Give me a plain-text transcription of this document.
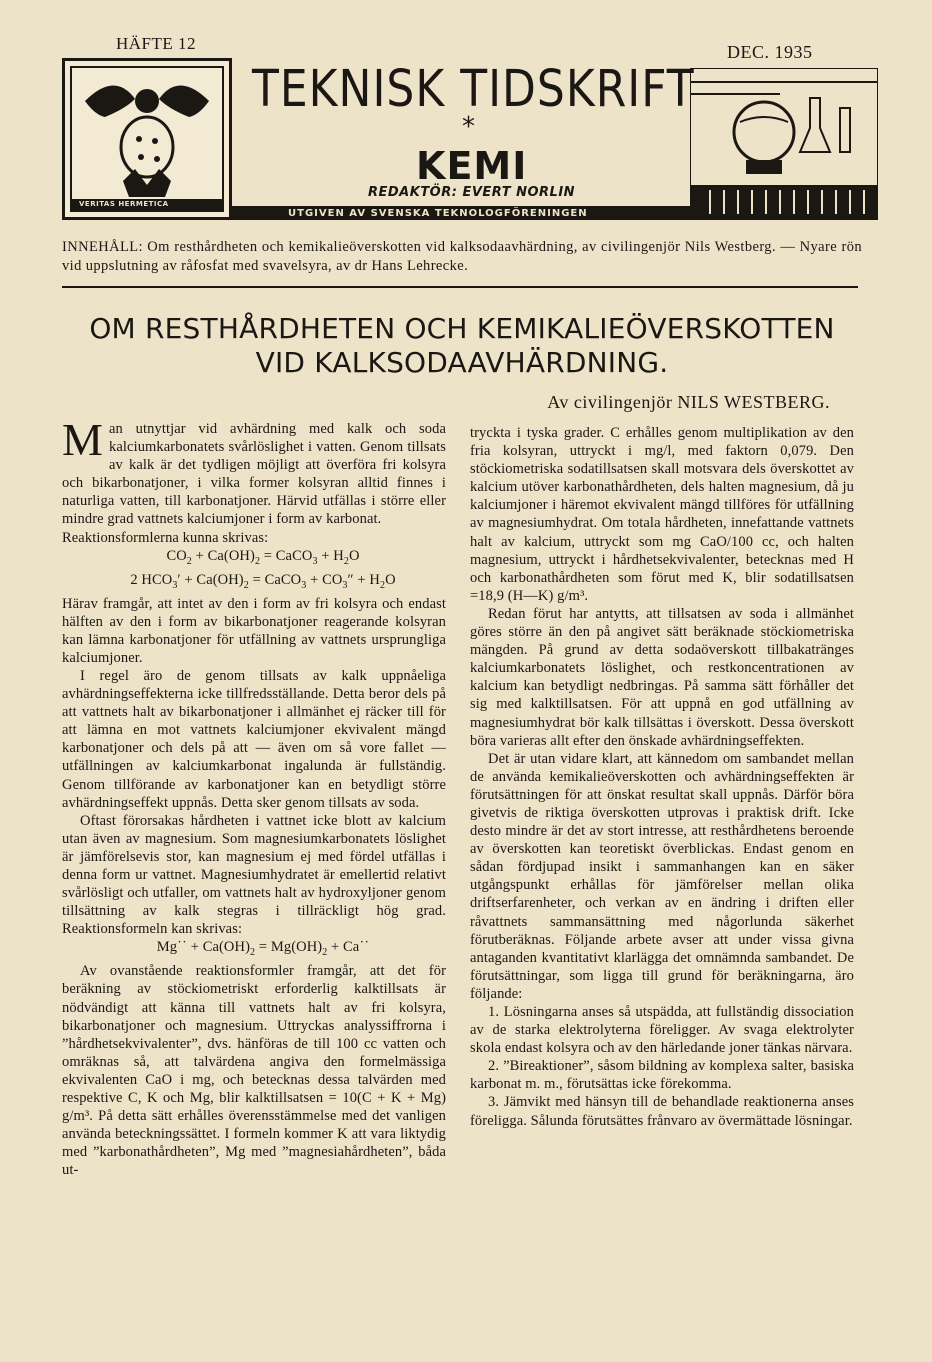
HÄFTE 12	DEC. 1935
VERITAS HERMETICA
TEKNISK TIDSKRIFT
*
KEMI
REDAKTÖR: EVERT NORLIN
UTGIVEN AV SVENSKA TEKNOLOGFÖRENINGEN
INNEHÅLL: Om resthårdheten och kemikalieöverskotten vid kalksodaavhärdning, av civilingenjör Nils Westberg. — Nyare rön vid uppslutning av råfosfat med svavelsyra, av dr Hans Lehrecke.
OM RESTHÅRDHETEN OCH KEMIKALIEÖVERSKOTTEN
VID KALKSODAAVHÄRDNING.
Av civilingenjör NILS WESTBERG.

Man utnyttjar vid avhärdning med kalk och soda kalciumkarbonatets svårlöslighet i vatten. Genom tillsats av kalk är det tydligen möjligt att överföra fri kolsyra och bikarbonatjoner, i vilka former kolsyran alltid finnes i naturliga vatten, till karbonatjoner. Härvid utfällas i större eller mindre grad vattnets kalciumjoner i form av karbonat.

Reaktionsformlerna kunna skrivas:

$CO_2 + Ca(OH)_2$ = CaCO$_3$ + $H_2O$

2 $HCO_3' + Ca(OH)_2$ = CaCO$_3$ + $CO_3'' + H_2O$

Härav framgår, att intet av den i form av fri kolsyra och endast hälften av den i form av bikarbonatjoner reagerande kolsyran kan lämna karbonatjoner för utfällning av vattnets ursprungliga kalciumjoner.

I regel äro de genom tillsats av kalk uppnåeliga avhärdningseffekterna icke tillfredsställande. Detta beror dels på att vattnets halt av bikarbonatjoner i allmänhet ej räcker till för att lämna en mot vattnets kalciumjoner ekvivalent mängd karbonatjoner och dels på att — även om så vore fallet — utfällningen av kalciumkarbonat ingalunda är fullständig. Genom tillförande av karbonatjoner kan en betydligt större avhärdningseffekt uppnås. Detta sker genom tillsats av soda.

Oftast förorsakas hårdheten i vattnet icke blott av kalcium utan även av magnesium. Som magnesiumkarbonatets löslighet är jämförelsevis stor, kan magnesium ej med fördel utfällas i denna form ur vattnet. Magnesiumhydratet är emellertid relativt svårlösligt och utfaller, om vattnets halt av hydroxyljoner genom tillsättning av kalk stegras i tillräckligt hög grad. Reaktionsformeln kan skrivas:

Mg˙˙ + $Ca(OH)_2 = Mg(OH)_2$ + Ca˙˙

Av ovanstående reaktionsformler framgår, att det för beräkning av stöckiometriskt erforderlig kalktillsats är nödvändigt att känna till vattnets halt av fri kolsyra, bikarbonatjoner och magnesium. Uttryckas analyssiffrorna i ”hårdhetsekvivalenter”, dvs. hänföras de till 100 cc vatten och omräknas så, att talvärdena angiva den formelmässiga ekvivalenten CaO i mg, och betecknas dessa talvärden med respektive C, K och Mg, blir kalktillsatsen = 10(C + K + Mg) g/m³. På detta sätt erhålles överensstämmelse med det vanligen använda beteckningssättet. I formeln kommer K att vara liktydig med ”karbonathårdheten”, Mg med ”magnesiahårdheten”, båda ut-

tryckta i tyska grader. C erhålles genom multiplikation av den fria kolsyran, uttryckt i mg/l, med faktorn 0,079. Den stöckiometriska sodatillsatsen skall motsvara dels överskottet av kalcium utöver karbonathårdheten, dels halten magnesium, då ju kalciumjoner i häremot ekvivalent mängd tillföres för utfällning av magnesiumhydrat. Om totala hårdheten, innefattande vattnets halt av kalcium, uttryckt som mg CaO/100 cc, och halten magnesium, uttryckt i hårdhetsekvivalenter, betecknas med H och karbonathårdheten som förut med K, blir sodatillsatsen =18,9 (H—K) g/m³.

Redan förut har antytts, att tillsatsen av soda i allmänhet göres större än den på angivet sätt beräknade stöckiometriska mängden. På grund av detta sodaöverskott tillbakatränges kalciumkarbonatets löslighet, och restkoncentrationen av kalcium kan betydligt nedbringas. På samma sätt förhåller det sig med kalktillsatsen. För att uppnå en god utfällning av magnesiumhydrat bör kalk tillsättas i överskott. Dessa överskott böra varieras allt efter den önskade avhärdningseffekten.

Det är utan vidare klart, att kännedom om sambandet mellan de använda kemikalieöverskotten och avhärdningseffekten är förutsättningen för att önskat resultat skall uppnås. Därför böra givetvis de riktiga överskotten utprovas i praktisk drift. Icke desto mindre är det av stort intresse, att resthårdhetens beroende av överskotten kan teoretiskt överblickas. Endast genom en sådan fördjupad insikt i sammanhangen kan en säker utgångspunkt erhållas för jämförelser mellan olika driftserfarenheter, och verkan av en ändring i driften eller råvattnets sammansättning med någorlunda säkerhet förutberäknas. Följande arbete avser att under vissa givna antaganden kvantitativt klarlägga det omnämnda sambandet. De förutsättningar, som ligga till grund för beräkningarna, äro följande:

1. Lösningarna anses så utspädda, att fullständig dissociation av de starka elektrolyterna föreligger. Av svaga elektrolyter skola endast kolsyra och av den härledande joner tänkas närvara.

2. ”Bireaktioner”, såsom bildning av komplexa salter, basiska karbonat m. m., förutsättas icke förekomma.

3. Jämvikt med hänsyn till de behandlade reaktionerna anses föreligga. Sålunda förutsättes frånvaro av övermättade lösningar.
